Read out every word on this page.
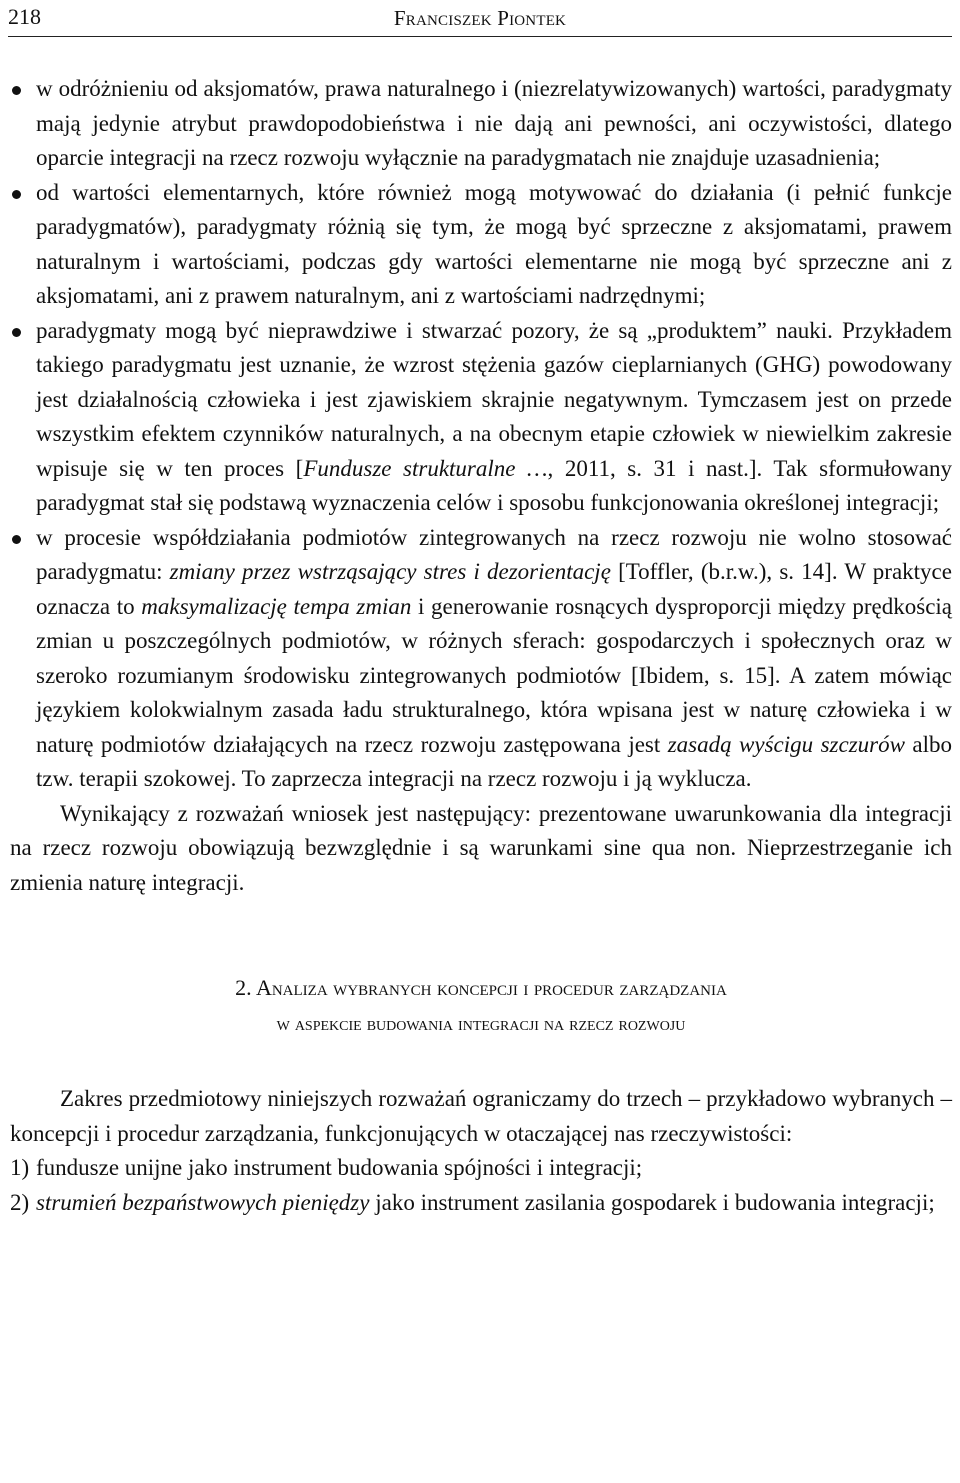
218	Franciszek Piontek
w odróżnieniu od aksjomatów, prawa naturalnego i (niezrelatywizowanych) wartości, paradygmaty mają jedynie atrybut prawdopodobieństwa i nie dają ani pewności, ani oczywistości, dlatego oparcie integracji na rzecz rozwoju wyłącznie na paradygmatach nie znajduje uzasadnienia;
od wartości elementarnych, które również mogą motywować do działania (i pełnić funkcje paradygmatów), paradygmaty różnią się tym, że mogą być sprzeczne z aksjomatami, prawem naturalnym i wartościami, podczas gdy wartości elementarne nie mogą być sprzeczne ani z aksjomatami, ani z prawem naturalnym, ani z wartościami nadrzędnymi;
paradygmaty mogą być nieprawdziwe i stwarzać pozory, że są „produktem” nauki. Przykładem takiego paradygmatu jest uznanie, że wzrost stężenia gazów cieplarnianych (GHG) powodowany jest działalnością człowieka i jest zjawiskiem skrajnie negatywnym. Tymczasem jest on przede wszystkim efektem czynników naturalnych, a na obecnym etapie człowiek w niewielkim zakresie wpisuje się w ten proces [Fundusze strukturalne …, 2011, s. 31 i nast.]. Tak sformułowany paradygmat stał się podstawą wyznaczenia celów i sposobu funkcjonowania określonej integracji;
w procesie współdziałania podmiotów zintegrowanych na rzecz rozwoju nie wolno stosować paradygmatu: zmiany przez wstrząsający stres i dezorientację [Toffler, (b.r.w.), s. 14]. W praktyce oznacza to maksymalizację tempa zmian i generowanie rosnących dysproporcji między prędkością zmian u poszczególnych podmiotów, w różnych sferach: gospodarczych i społecznych oraz w szeroko rozumianym środowisku zintegrowanych podmiotów [Ibidem, s. 15]. A zatem mówiąc językiem kolokwialnym zasada ładu strukturalnego, która wpisana jest w naturę człowieka i w naturę podmiotów działających na rzecz rozwoju zastępowana jest zasadą wyścigu szczurów albo tzw. terapii szokowej. To zaprzecza integracji na rzecz rozwoju i ją wyklucza.

Wynikający z rozważań wniosek jest następujący: prezentowane uwarunkowania dla integracji na rzecz rozwoju obowiązują bezwzględnie i są warunkami sine qua non. Nieprzestrzeganie ich zmienia naturę integracji.

2. Analiza wybranych koncepcji i procedur zarządzania
w aspekcie budowania integracji na rzecz rozwoju

Zakres przedmiotowy niniejszych rozważań ograniczamy do trzech – przykładowo wybranych – koncepcji i procedur zarządzania, funkcjonujących w otaczającej nas rzeczywistości:

1) fundusze unijne jako instrument budowania spójności i integracji;
2) strumień bezpaństwowych pieniędzy jako instrument zasilania gospodarek i budowania integracji;
